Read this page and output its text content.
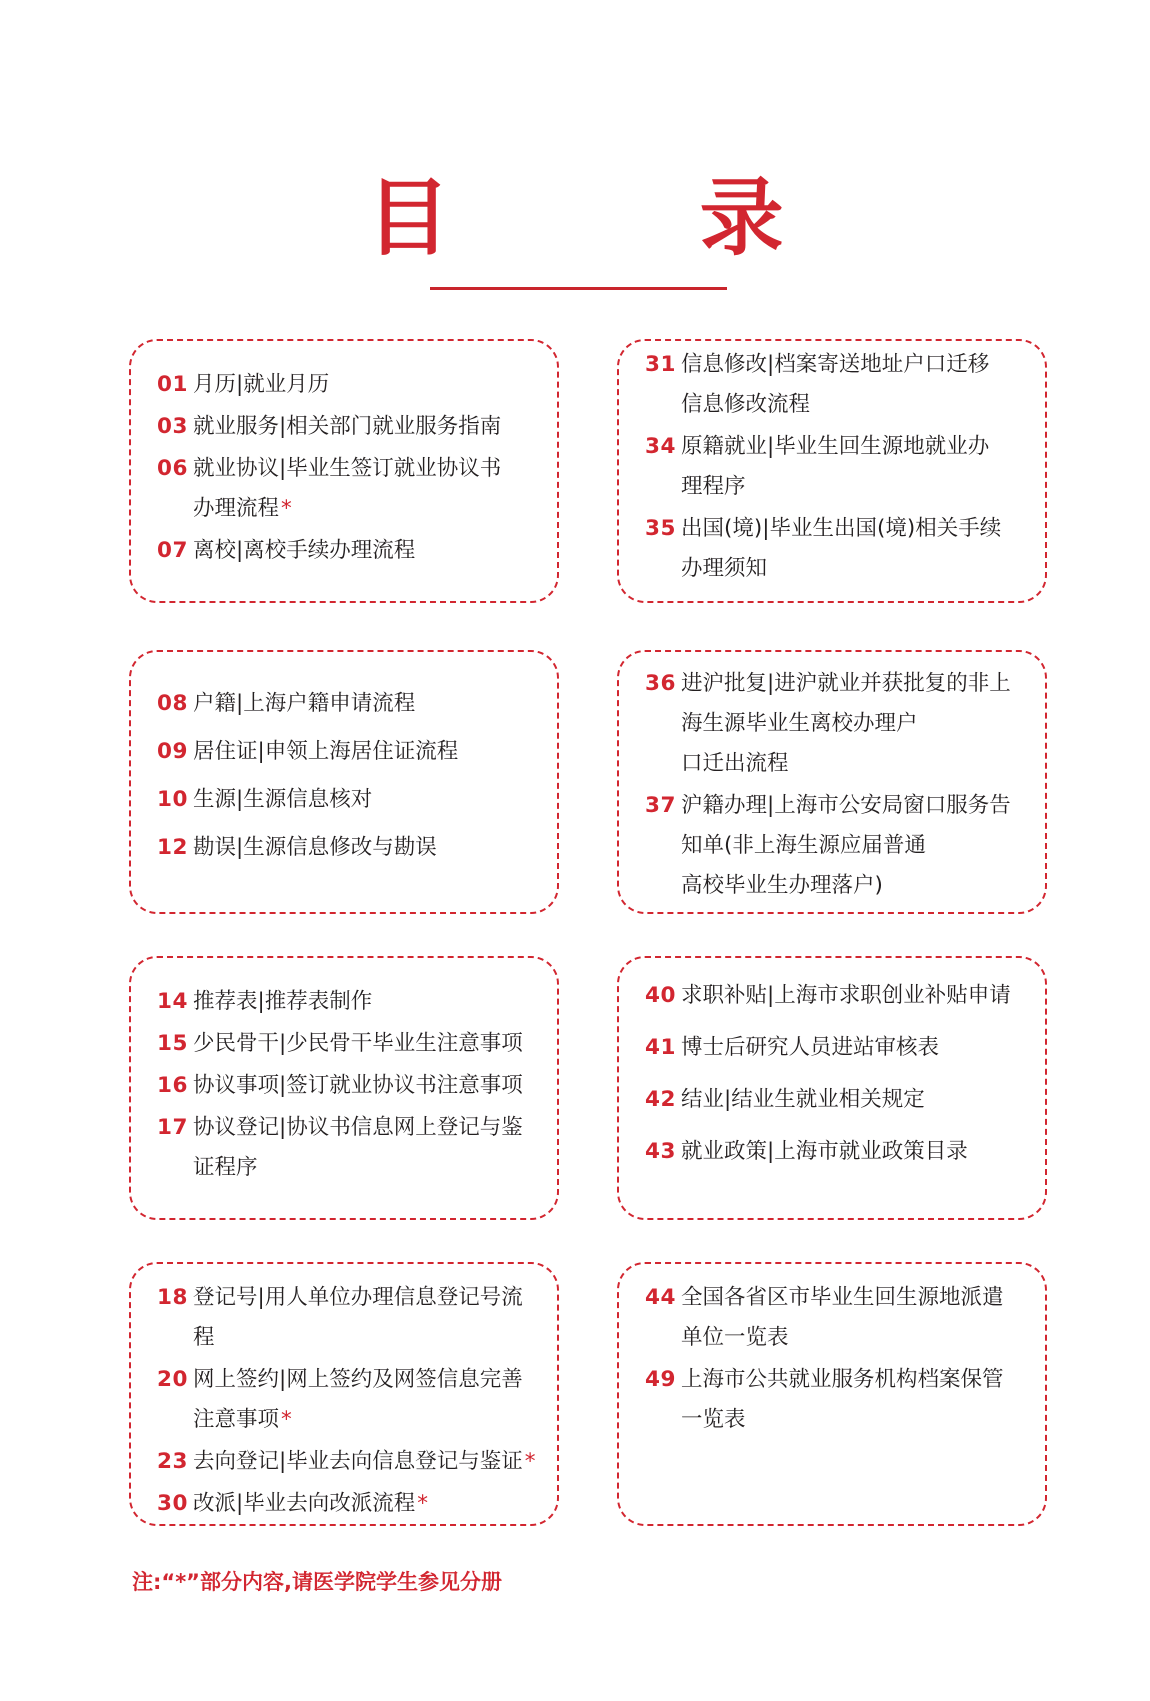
目 录
01 月历|就业月历
03 就业服务|相关部门就业服务指南
06 就业协议|毕业生签订就业协议书
办理流程*
07 离校|离校手续办理流程
31 信息修改|档案寄送地址户口迁移
信息修改流程
34 原籍就业|毕业生回生源地就业办
理程序
35 出国(境)|毕业生出国(境)相关手续
办理须知
08 户籍|上海户籍申请流程
09 居住证|申领上海居住证流程
10 生源|生源信息核对
12 勘误|生源信息修改与勘误
36 进沪批复|进沪就业并获批复的非上
海生源毕业生离校办理户
口迁出流程
37 沪籍办理|上海市公安局窗口服务告
知单(非上海生源应届普通
高校毕业生办理落户)
14 推荐表|推荐表制作
15 少民骨干|少民骨干毕业生注意事项
16 协议事项|签订就业协议书注意事项
17 协议登记|协议书信息网上登记与鉴
证程序
40 求职补贴|上海市求职创业补贴申请
41 博士后研究人员进站审核表
42 结业|结业生就业相关规定
43 就业政策|上海市就业政策目录
18 登记号|用人单位办理信息登记号流
程
20 网上签约|网上签约及网签信息完善
注意事项*
23 去向登记|毕业去向信息登记与鉴证*
30 改派|毕业去向改派流程*
44 全国各省区市毕业生回生源地派遣
单位一览表
49 上海市公共就业服务机构档案保管
一览表
注:“*”部分内容,请医学院学生参见分册
